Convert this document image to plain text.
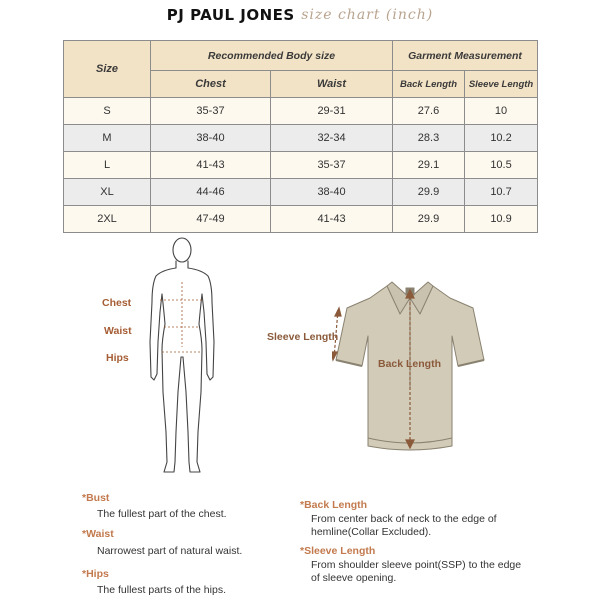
PJ PAUL JONES size chart (inch)
Size	Recommended Body size		Garment Measurement	
	Chest	Waist	Back Length	Sleeve Length
S	35-37	29-31	27.6	10
M	38-40	32-34	28.3	10.2
L	41-43	35-37	29.1	10.5
XL	44-46	38-40	29.9	10.7
2XL	47-49	41-43	29.9	10.9
Chest
Waist
Hips
Sleeve Length
Back Length
*Bust
The fullest part of the chest.
*Waist
Narrowest part of natural waist.
*Hips
The fullest parts of the hips.
*Back Length
From center back of neck to the edge of hemline(Collar Excluded).
*Sleeve Length
From shoulder sleeve point(SSP) to the edge of sleeve opening.
